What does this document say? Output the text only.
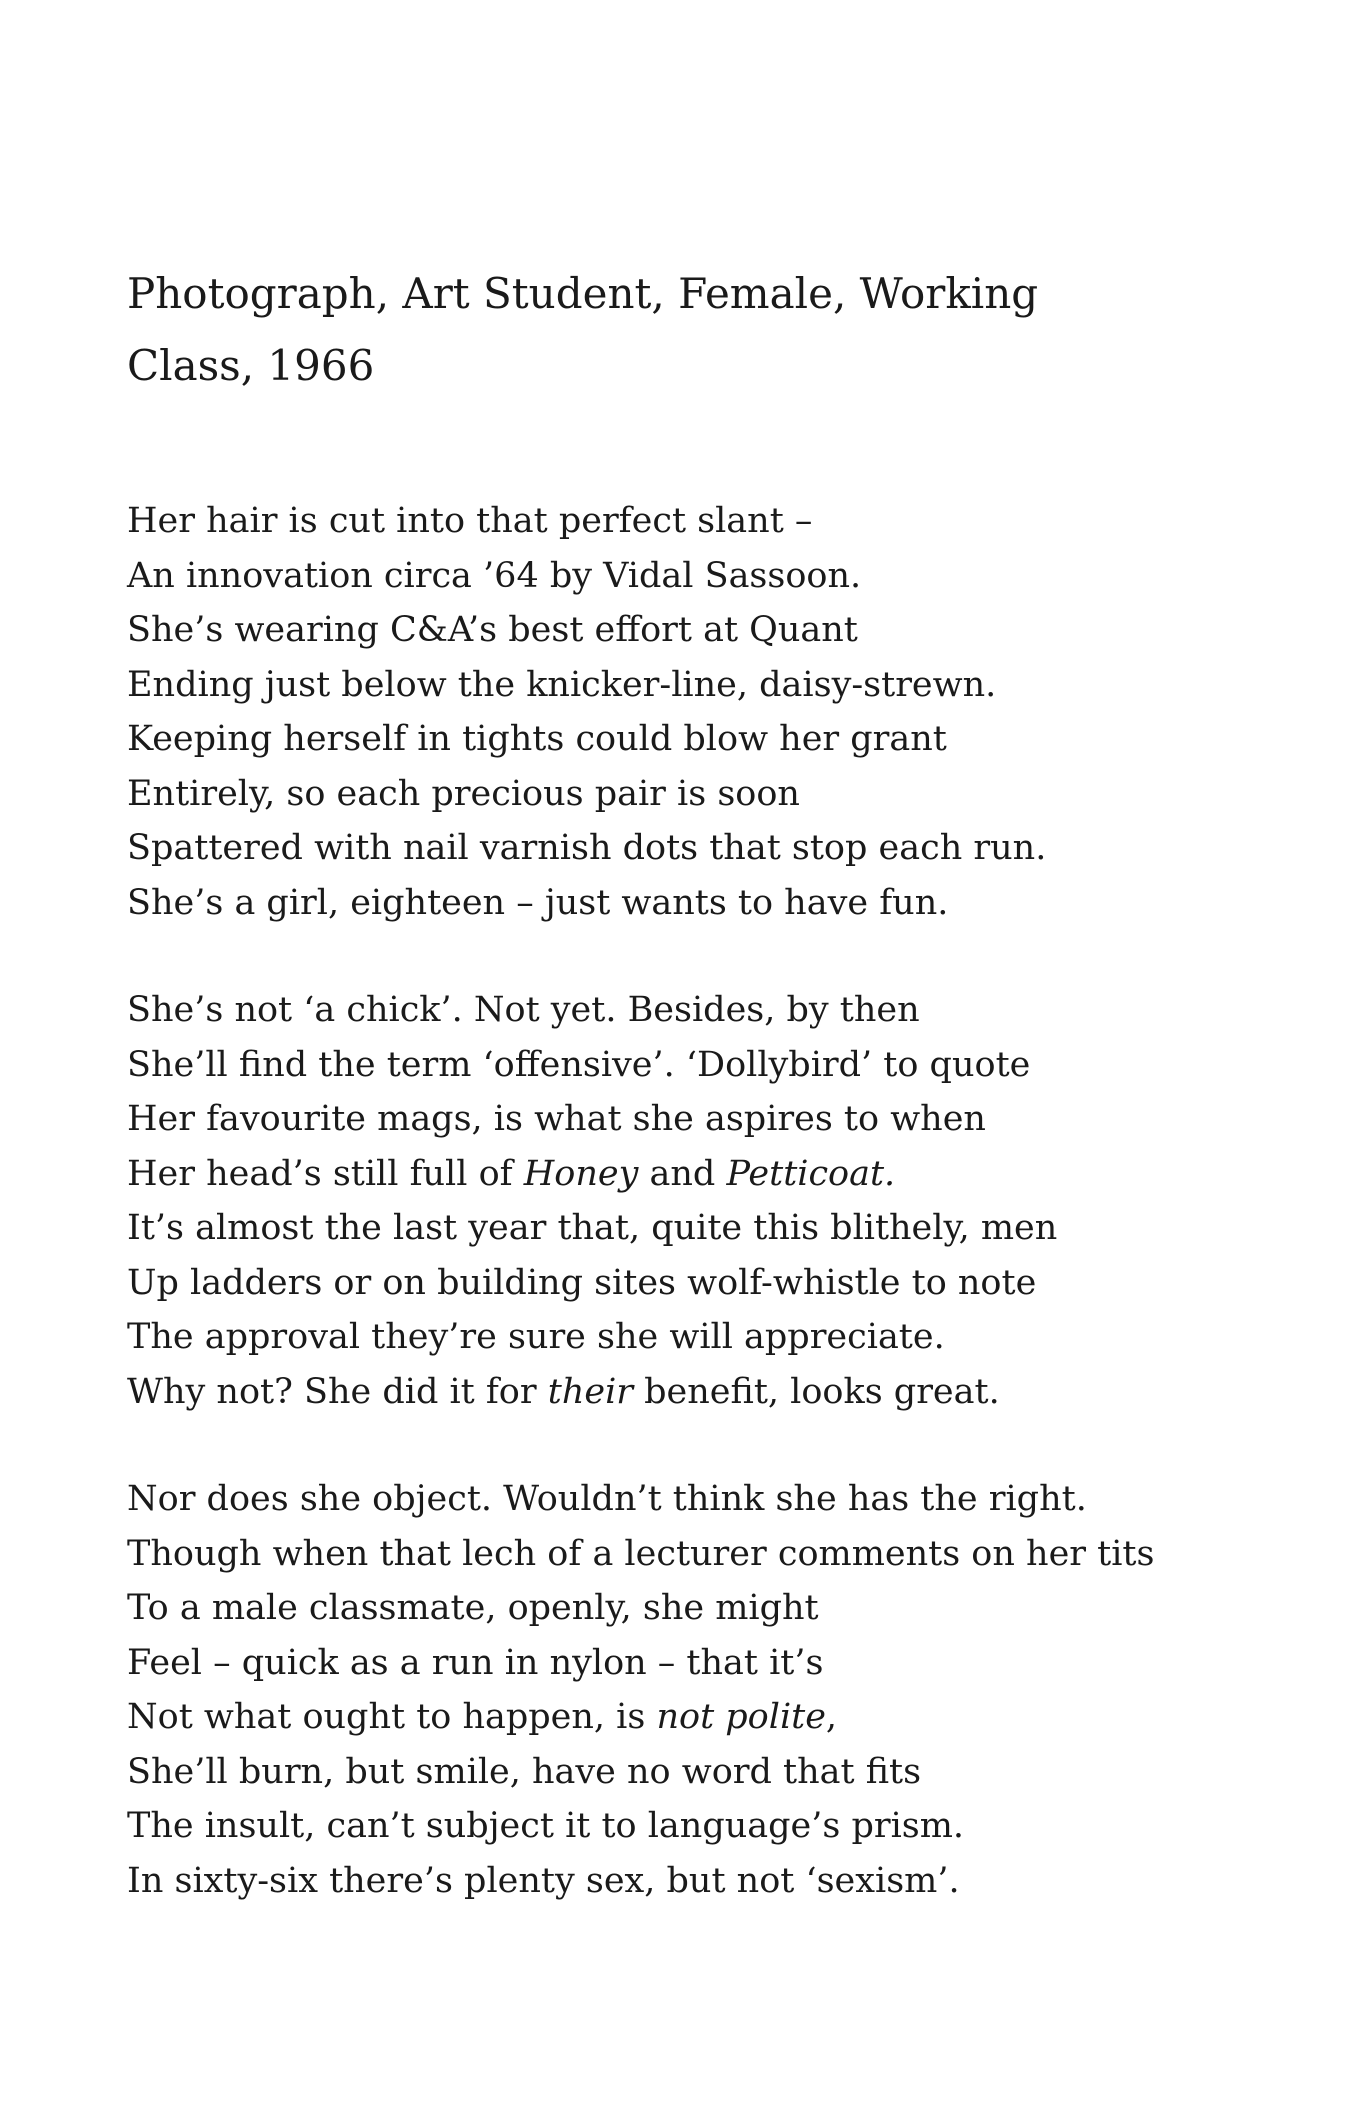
Photograph, Art Student, Female, Working Class, 1966
Her hair is cut into that perfect slant –
An innovation circa ’64 by Vidal Sassoon.
She’s wearing C&A’s best effort at Quant
Ending just below the knicker-line, daisy-strewn.
Keeping herself in tights could blow her grant
Entirely, so each precious pair is soon
Spattered with nail varnish dots that stop each run.
She’s a girl, eighteen – just wants to have fun.
She’s not ‘a chick’. Not yet. Besides, by then
She’ll find the term ‘offensive’. ‘Dollybird’ to quote
Her favourite mags, is what she aspires to when
Her head’s still full of Honey and Petticoat.
It’s almost the last year that, quite this blithely, men
Up ladders or on building sites wolf-whistle to note
The approval they’re sure she will appreciate.
Why not? She did it for their benefit, looks great.
Nor does she object. Wouldn’t think she has the right.
Though when that lech of a lecturer comments on her tits
To a male classmate, openly, she might
Feel – quick as a run in nylon – that it’s
Not what ought to happen, is not polite,
She’ll burn, but smile, have no word that fits
The insult, can’t subject it to language’s prism.
In sixty-six there’s plenty sex, but not ‘sexism’.
